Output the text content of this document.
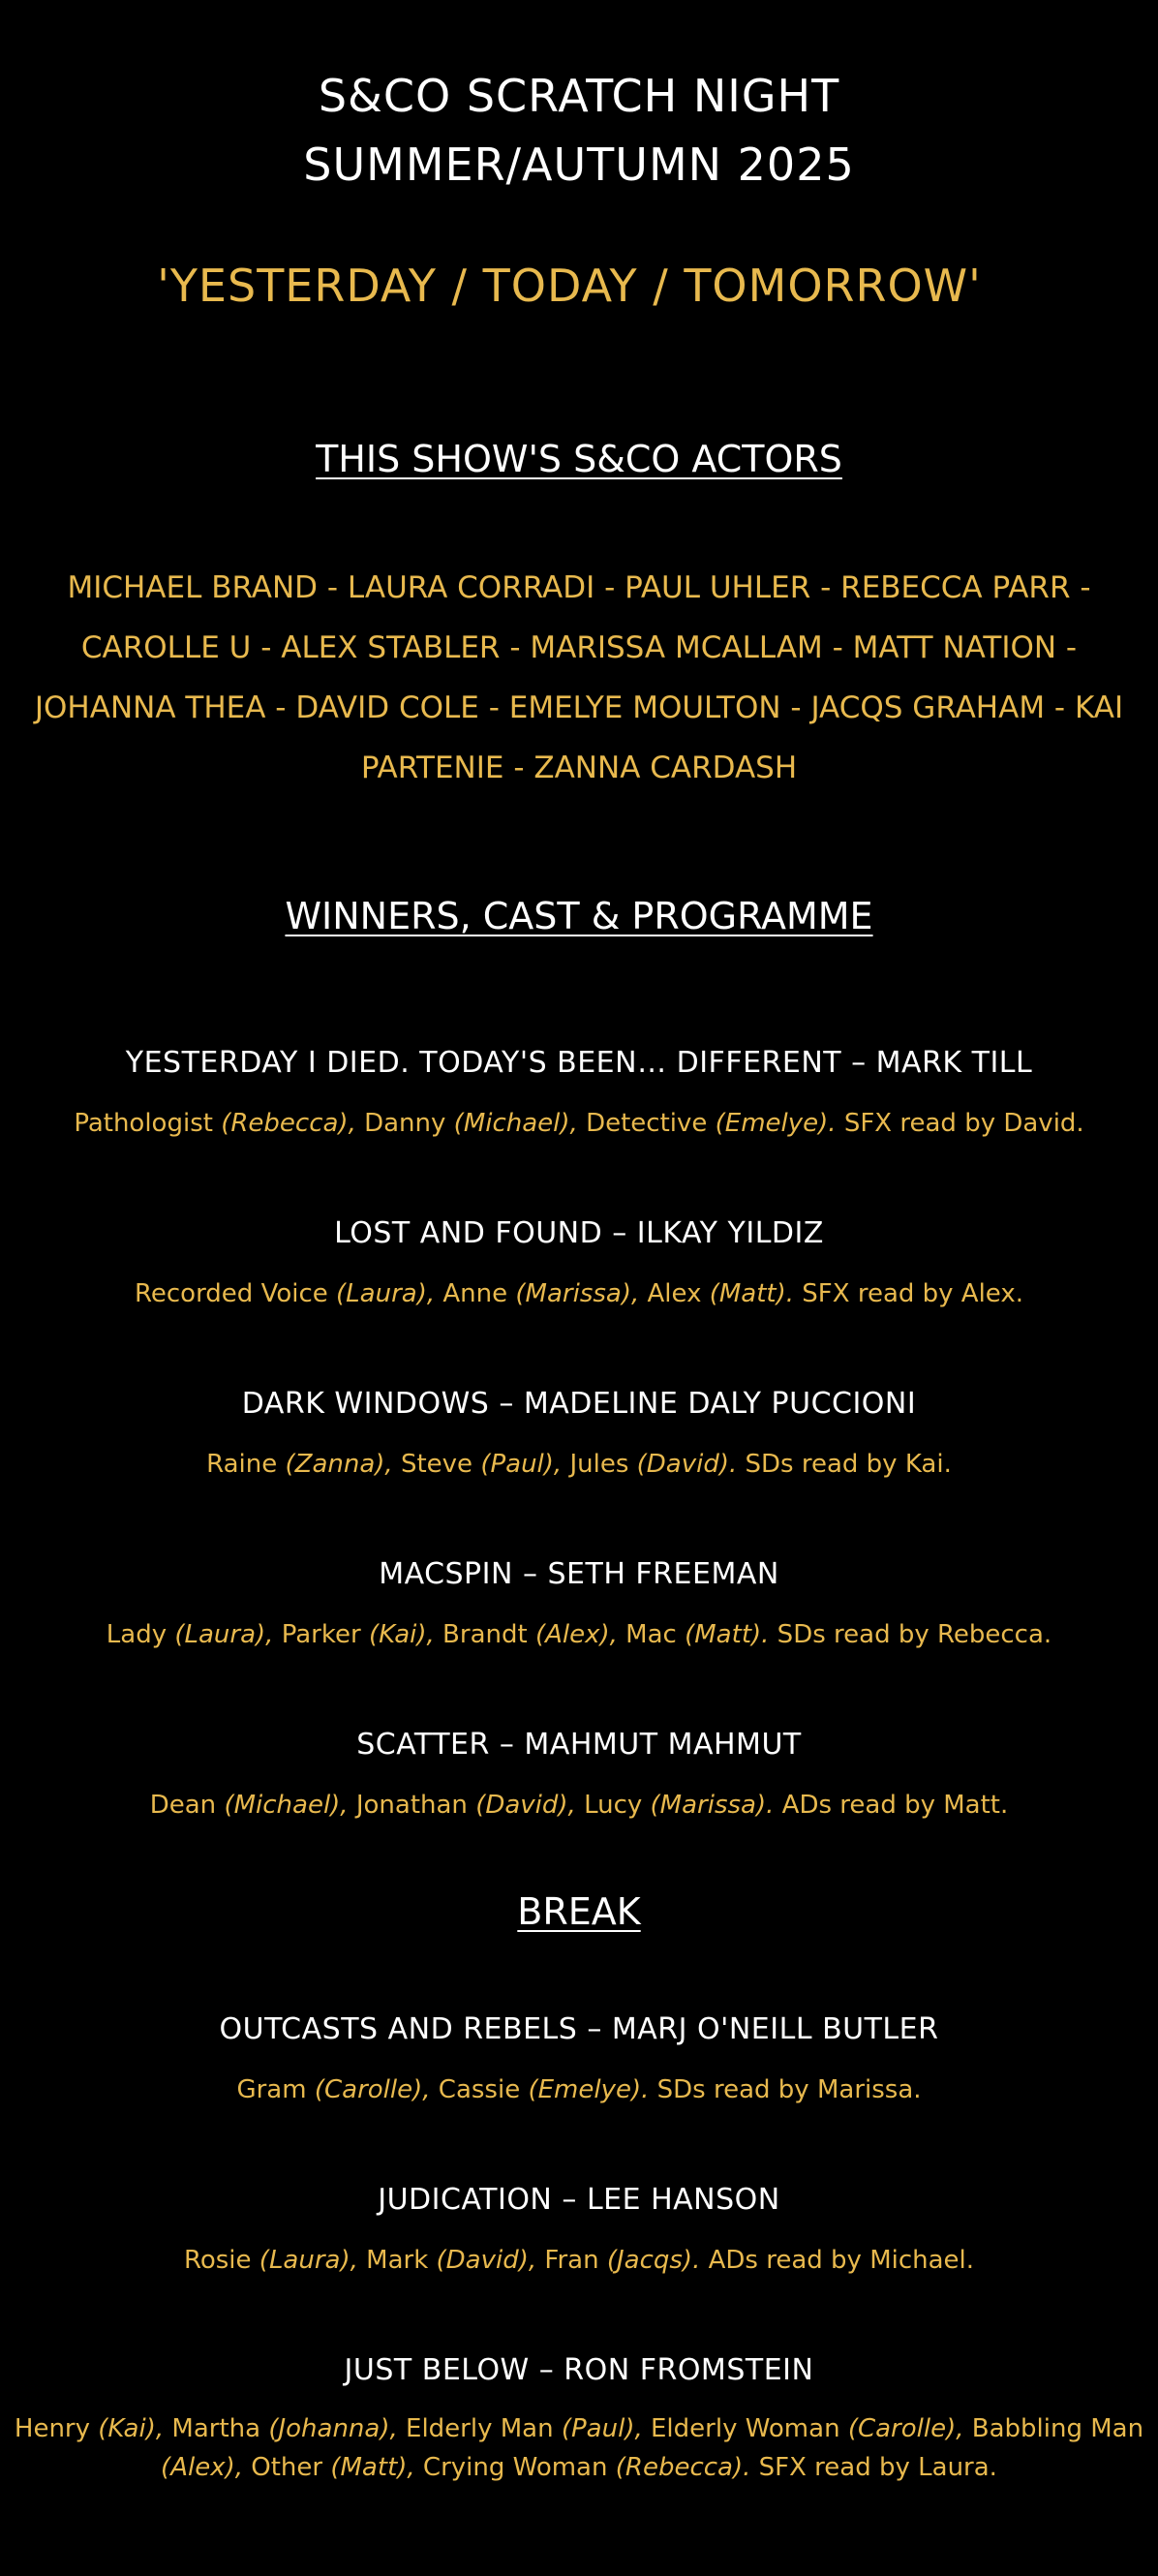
S&CO SCRATCH NIGHT
SUMMER/AUTUMN 2025
'YESTERDAY / TODAY / TOMORROW'
THIS SHOW'S S&CO ACTORS
MICHAEL BRAND - LAURA CORRADI - PAUL UHLER - REBECCA PARR - CAROLLE U - ALEX STABLER - MARISSA MCALLAM - MATT NATION - JOHANNA THEA - DAVID COLE - EMELYE MOULTON - JACQS GRAHAM - KAI PARTENIE - ZANNA CARDASH
WINNERS, CAST & PROGRAMME
YESTERDAY I DIED. TODAY'S BEEN… DIFFERENT – MARK TILL
Pathologist (Rebecca), Danny (Michael), Detective (Emelye). SFX read by David.
LOST AND FOUND – ILKAY YILDIZ
Recorded Voice (Laura), Anne (Marissa), Alex (Matt). SFX read by Alex.
DARK WINDOWS – MADELINE DALY PUCCIONI
Raine (Zanna), Steve (Paul), Jules (David). SDs read by Kai.
MACSPIN – SETH FREEMAN
Lady (Laura), Parker (Kai), Brandt (Alex), Mac (Matt). SDs read by Rebecca.
SCATTER – MAHMUT MAHMUT
Dean (Michael), Jonathan (David), Lucy (Marissa). ADs read by Matt.
BREAK
OUTCASTS AND REBELS – MARJ O'NEILL BUTLER
Gram (Carolle), Cassie (Emelye). SDs read by Marissa.
JUDICATION – LEE HANSON
Rosie (Laura), Mark (David), Fran (Jacqs). ADs read by Michael.
JUST BELOW – RON FROMSTEIN
Henry (Kai), Martha (Johanna), Elderly Man (Paul), Elderly Woman (Carolle), Babbling Man (Alex), Other (Matt), Crying Woman (Rebecca). SFX read by Laura.
